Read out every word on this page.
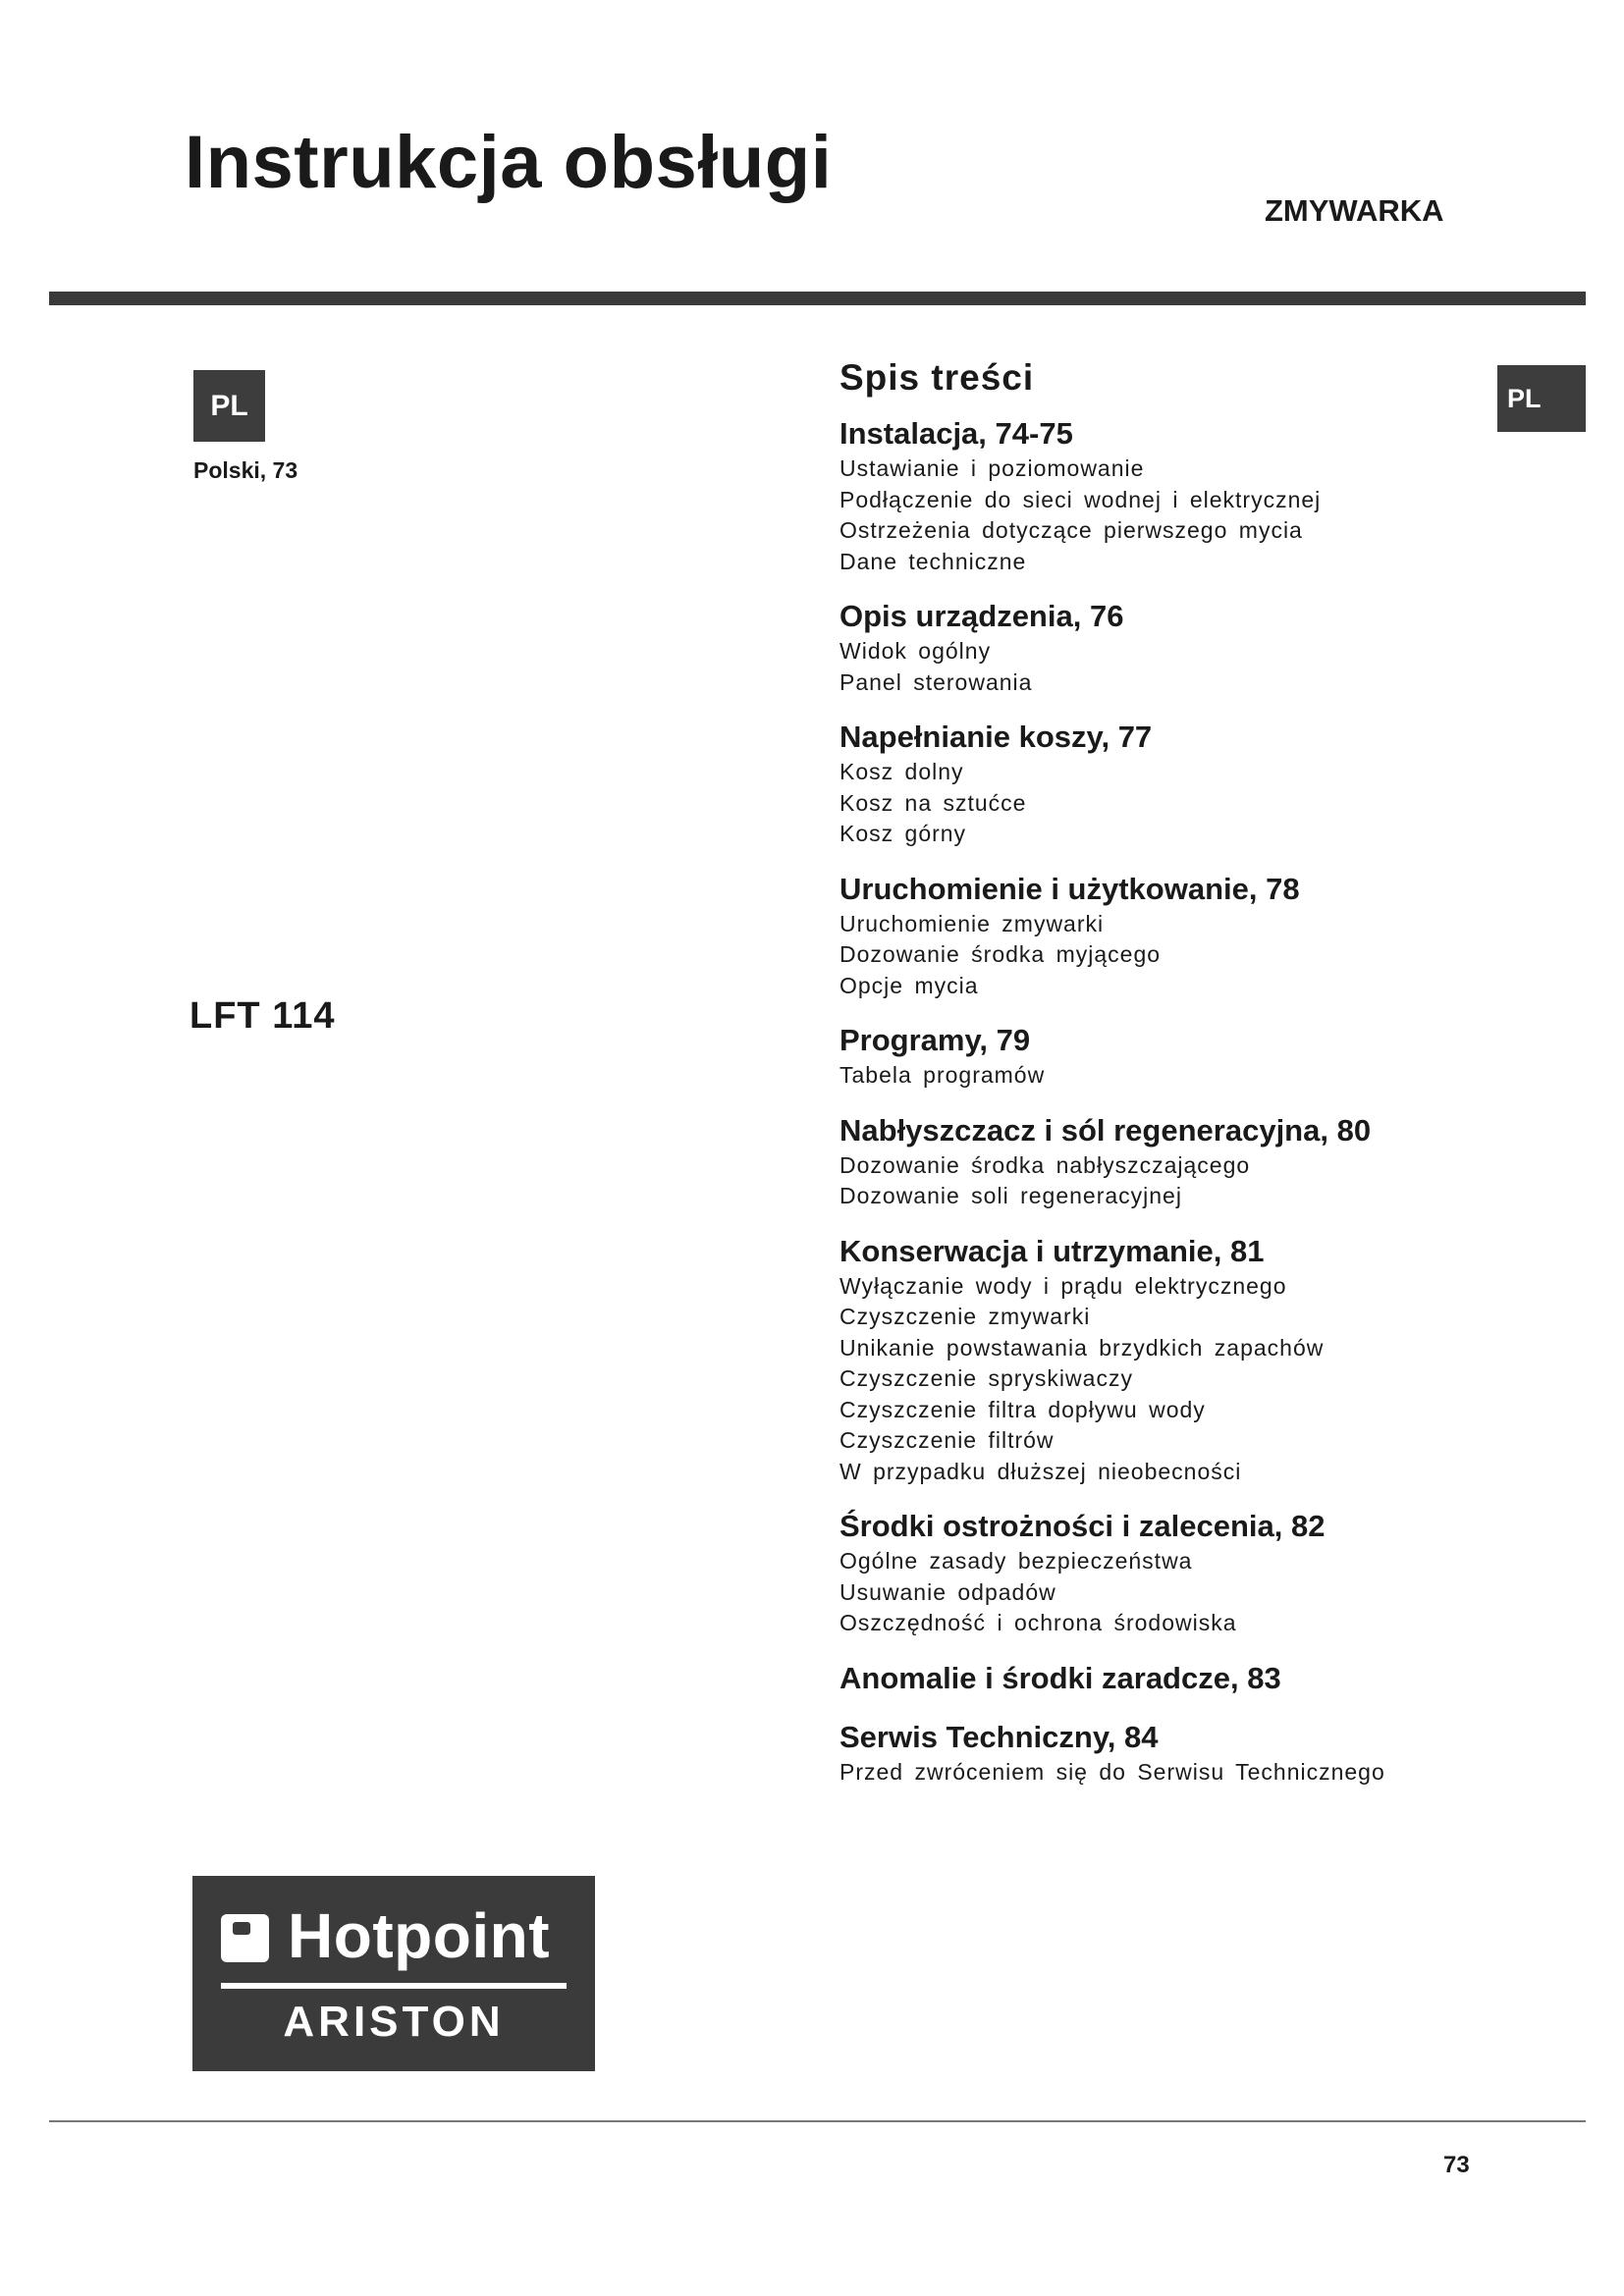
Instrukcja obsługi
ZMYWARKA
PL
Polski, 73
LFT 114
PL
Spis treści
Instalacja, 74-75
Ustawianie i poziomowanie
Podłączenie do sieci wodnej i elektrycznej
Ostrzeżenia dotyczące pierwszego mycia
Dane techniczne
Opis urządzenia, 76
Widok ogólny
Panel sterowania
Napełnianie koszy, 77
Kosz dolny
Kosz na sztućce
Kosz górny
Uruchomienie i użytkowanie, 78
Uruchomienie zmywarki
Dozowanie środka myjącego
Opcje mycia
Programy, 79
Tabela programów
Nabłyszczacz i sól regeneracyjna, 80
Dozowanie środka nabłyszczającego
Dozowanie soli regeneracyjnej
Konserwacja i utrzymanie, 81
Wyłączanie wody i prądu elektrycznego
Czyszczenie zmywarki
Unikanie powstawania brzydkich zapachów
Czyszczenie spryskiwaczy
Czyszczenie filtra dopływu wody
Czyszczenie filtrów
W przypadku dłuższej nieobecności
Środki ostrożności i zalecenia, 82
Ogólne zasady bezpieczeństwa
Usuwanie odpadów
Oszczędność i ochrona środowiska
Anomalie i środki zaradcze, 83
Serwis Techniczny, 84
Przed zwróceniem się do Serwisu Technicznego
Hotpoint
ARISTON
73
